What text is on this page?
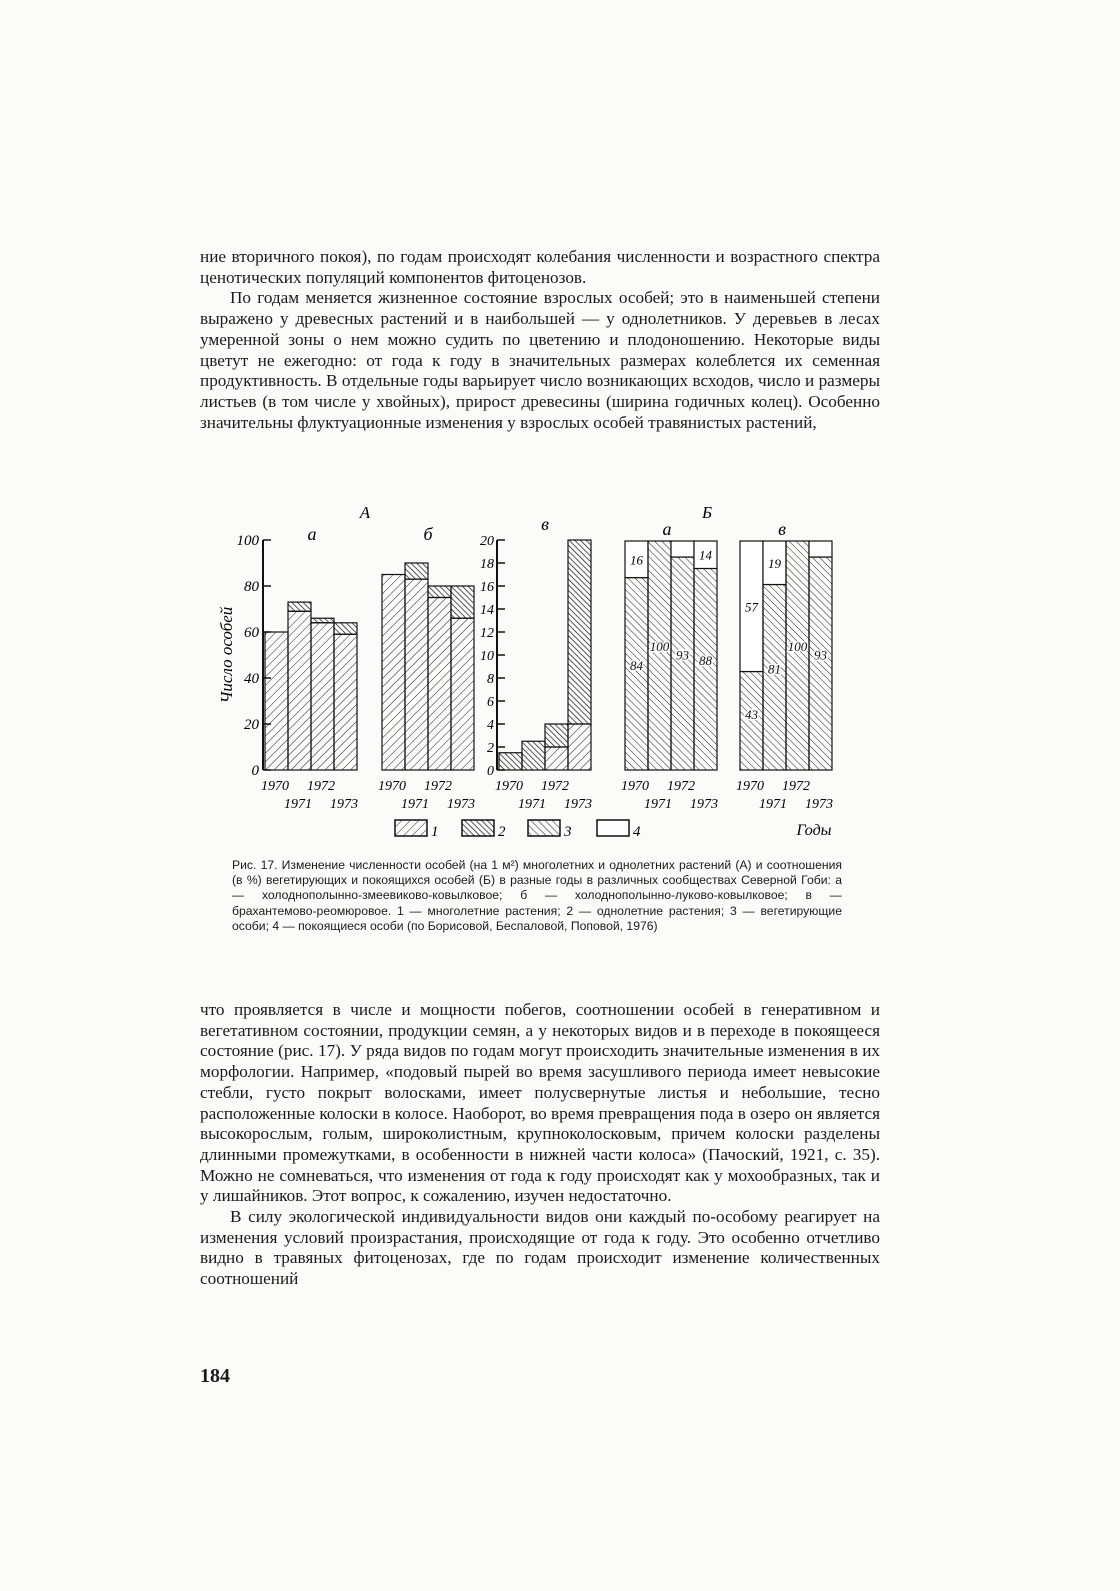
ние вторичного покоя), по годам происходят колебания численности и возрастного спектра ценотических популяций компонентов фитоценозов.

По годам меняется жизненное состояние взрослых особей; это в наименьшей степени выражено у древесных растений и в наибольшей — у однолетников. У деревьев в лесах умеренной зоны о нем можно судить по цветению и плодоношению. Некоторые виды цветут не ежегодно: от года к году в значительных размерах колеблется их семенная продуктивность. В отдельные годы варьирует число возникающих всходов, число и размеры листьев (в том числе у хвойных), прирост древесины (ширина годичных колец). Особенно значительны флуктуационные изменения у взрослых особей травянистых растений,

0
20
40
60
80
100
Число особей
А
а	б
0
2
4
6
8
10
12
14
16
18
20
в
Б
а
84
16
100
93 88
14
в
43
57
81
19
100
93
1970 1972
1971 1973
1970 1972
1971 1973
1970 1972
1971 1973
1970 1972
1971 1973
1970 1972
1971 1973
Годы
1	2	3	4
Рис. 17. Изменение численности особей (на 1 м²) многолетних и однолетних растений (А) и соотношения (в %) вегетирующих и покоящихся особей (Б) в разные годы в различных сообществах Северной Гоби: а — холоднополынно-змеевиково-ковылковое; б — холоднополынно-луково-ковылковое; в — брахантемово-реомюровое. 1 — многолетние растения; 2 — однолетние растения; 3 — вегетирующие особи; 4 — покоящиеся особи (по Борисовой, Беспаловой, Поповой, 1976)

что проявляется в числе и мощности побегов, соотношении особей в генеративном и вегетативном состоянии, продукции семян, а у некоторых видов и в переходе в покоящееся состояние (рис. 17). У ряда видов по годам могут происходить значительные изменения в их морфологии. Например, «подовый пырей во время засушливого периода имеет невысокие стебли, густо покрыт волосками, имеет полусвернутые листья и небольшие, тесно расположенные колоски в колосе. Наоборот, во время превращения пода в озеро он является высокорослым, голым, широколистным, крупноколосковым, причем колоски разделены длинными промежутками, в особенности в нижней части колоса» (Пачоский, 1921, с. 35). Можно не сомневаться, что изменения от года к году происходят как у мохообразных, так и у лишайников. Этот вопрос, к сожалению, изучен недостаточно.

В силу экологической индивидуальности видов они каждый по-особому реагирует на изменения условий произрастания, происходящие от года к году. Это особенно отчетливо видно в травяных фитоценозах, где по годам происходит изменение количественных соотношений

184
